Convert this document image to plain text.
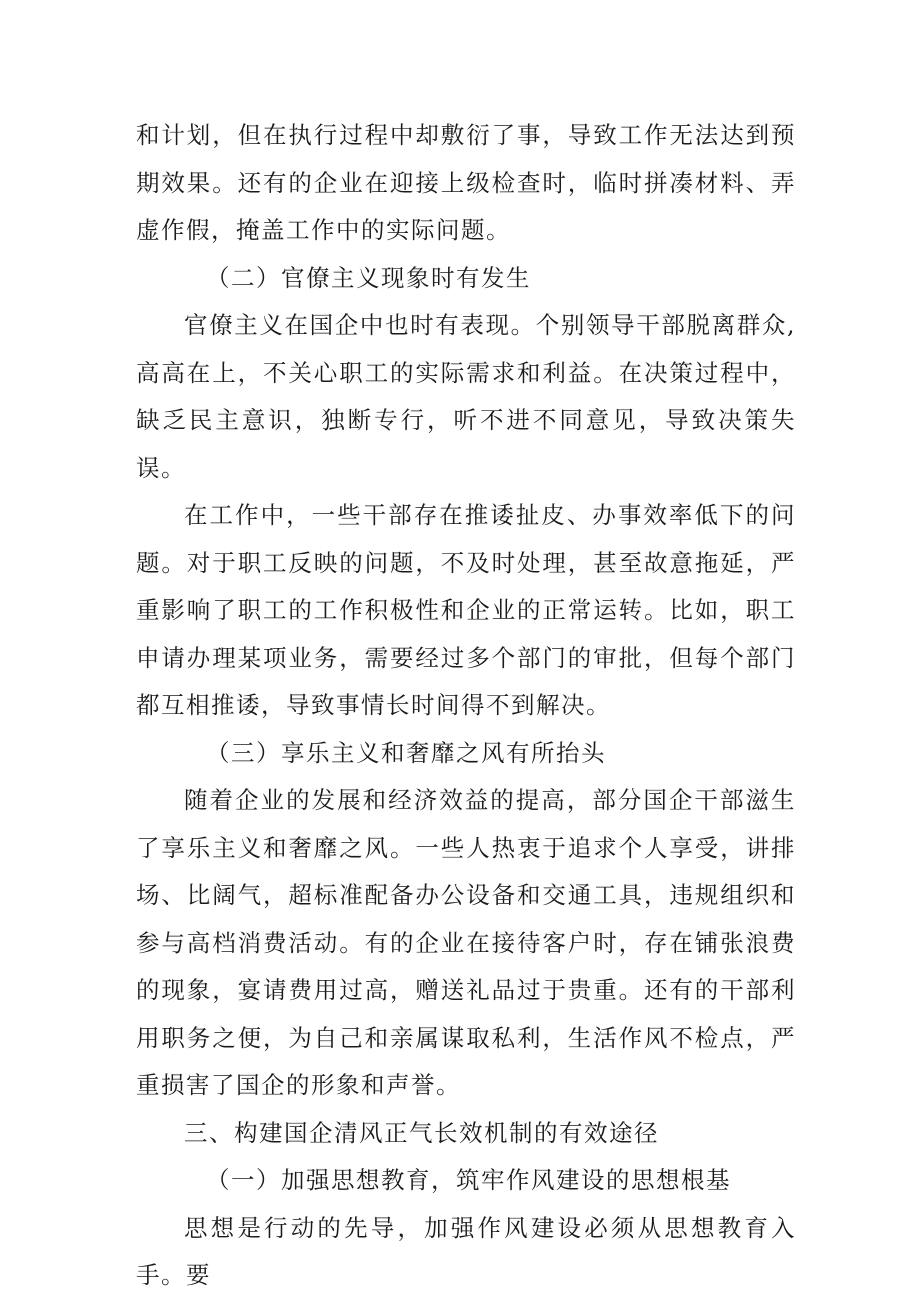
和计划，但在执行过程中却敷衍了事，导致工作无法达到预期效果。还有的企业在迎接上级检查时，临时拼凑材料、弄虚作假，掩盖工作中的实际问题。

（二）官僚主义现象时有发生

官僚主义在国企中也时有表现。个别领导干部脱离群众,高高在上，不关心职工的实际需求和利益。在决策过程中，缺乏民主意识，独断专行，听不进不同意见，导致决策失误。

在工作中，一些干部存在推诿扯皮、办事效率低下的问题。对于职工反映的问题，不及时处理，甚至故意拖延，严重影响了职工的工作积极性和企业的正常运转。比如，职工申请办理某项业务，需要经过多个部门的审批，但每个部门都互相推诿，导致事情长时间得不到解决。

（三）享乐主义和奢靡之风有所抬头

随着企业的发展和经济效益的提高，部分国企干部滋生了享乐主义和奢靡之风。一些人热衷于追求个人享受，讲排场、比阔气，超标准配备办公设备和交通工具，违规组织和参与高档消费活动。有的企业在接待客户时，存在铺张浪费的现象，宴请费用过高，赠送礼品过于贵重。还有的干部利用职务之便，为自己和亲属谋取私利，生活作风不检点，严重损害了国企的形象和声誉。

三、构建国企清风正气长效机制的有效途径

（一）加强思想教育，筑牢作风建设的思想根基

思想是行动的先导，加强作风建设必须从思想教育入手。要
